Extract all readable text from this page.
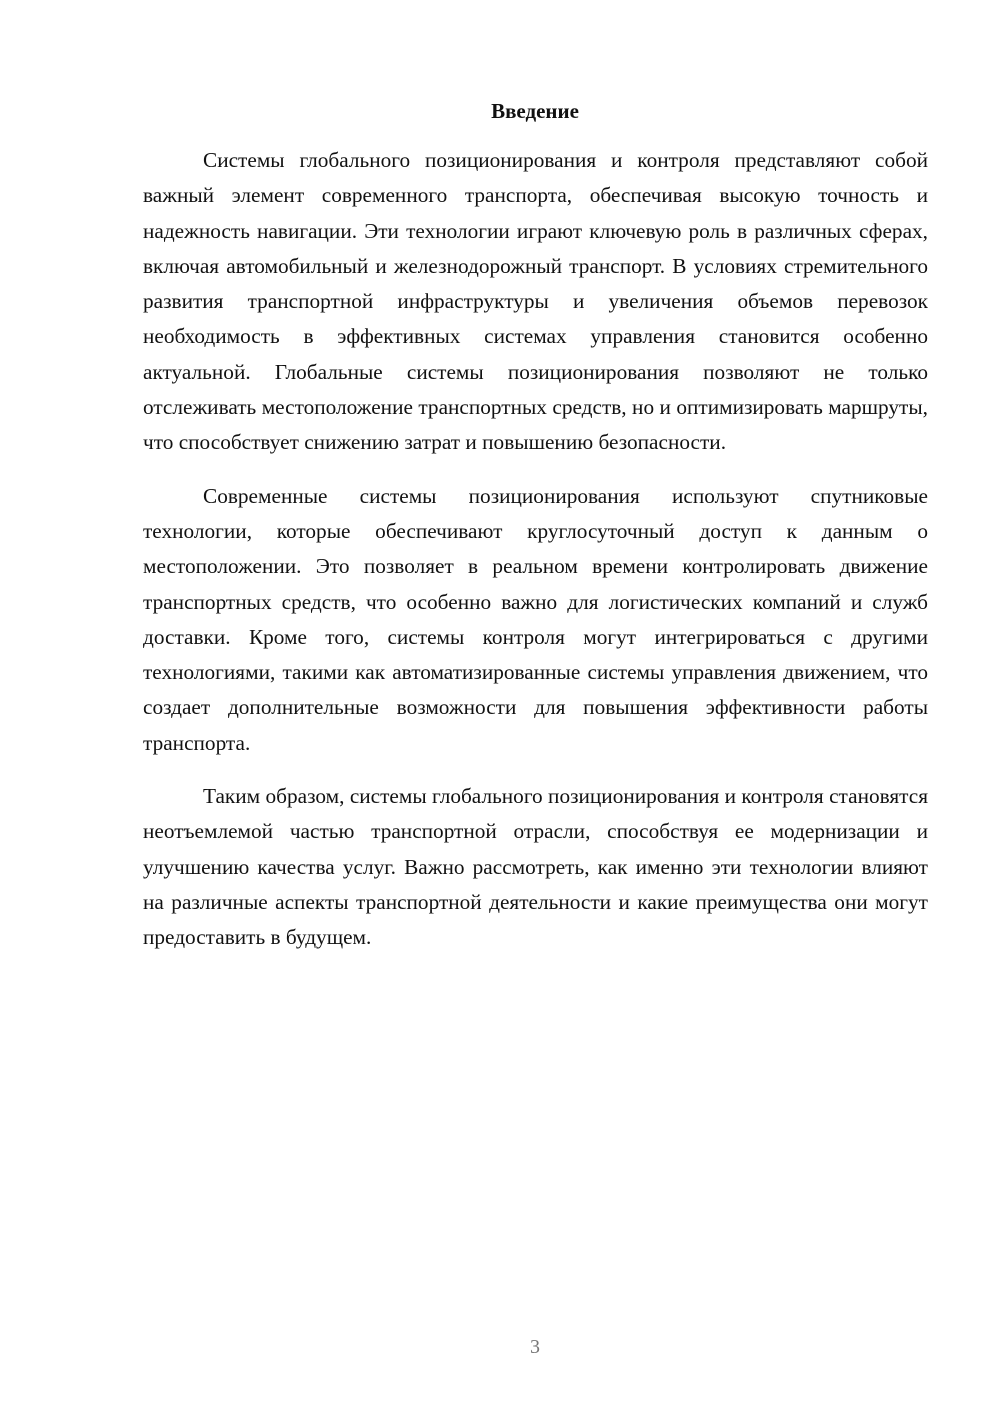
Введение

Системы глобального позиционирования и контроля представляют собой важный элемент современного транспорта, обеспечивая высокую точность и надежность навигации. Эти технологии играют ключевую роль в различных сферах, включая автомобильный и железнодорожный транспорт. В условиях стремительного развития транспортной инфраструктуры и увеличения объемов перевозок необходимость в эффективных системах управления становится особенно актуальной. Глобальные системы позиционирования позволяют не только отслеживать местоположение транспортных средств, но и оптимизировать маршруты, что способствует снижению затрат и повышению безопасности.

Современные системы позиционирования используют спутниковые технологии, которые обеспечивают круглосуточный доступ к данным о местоположении. Это позволяет в реальном времени контролировать движение транспортных средств, что особенно важно для логистических компаний и служб доставки. Кроме того, системы контроля могут интегрироваться с другими технологиями, такими как автоматизированные системы управления движением, что создает дополнительные возможности для повышения эффективности работы транспорта.

Таким образом, системы глобального позиционирования и контроля становятся неотъемлемой частью транспортной отрасли, способствуя ее модернизации и улучшению качества услуг. Важно рассмотреть, как именно эти технологии влияют на различные аспекты транспортной деятельности и какие преимущества они могут предоставить в будущем.

3
